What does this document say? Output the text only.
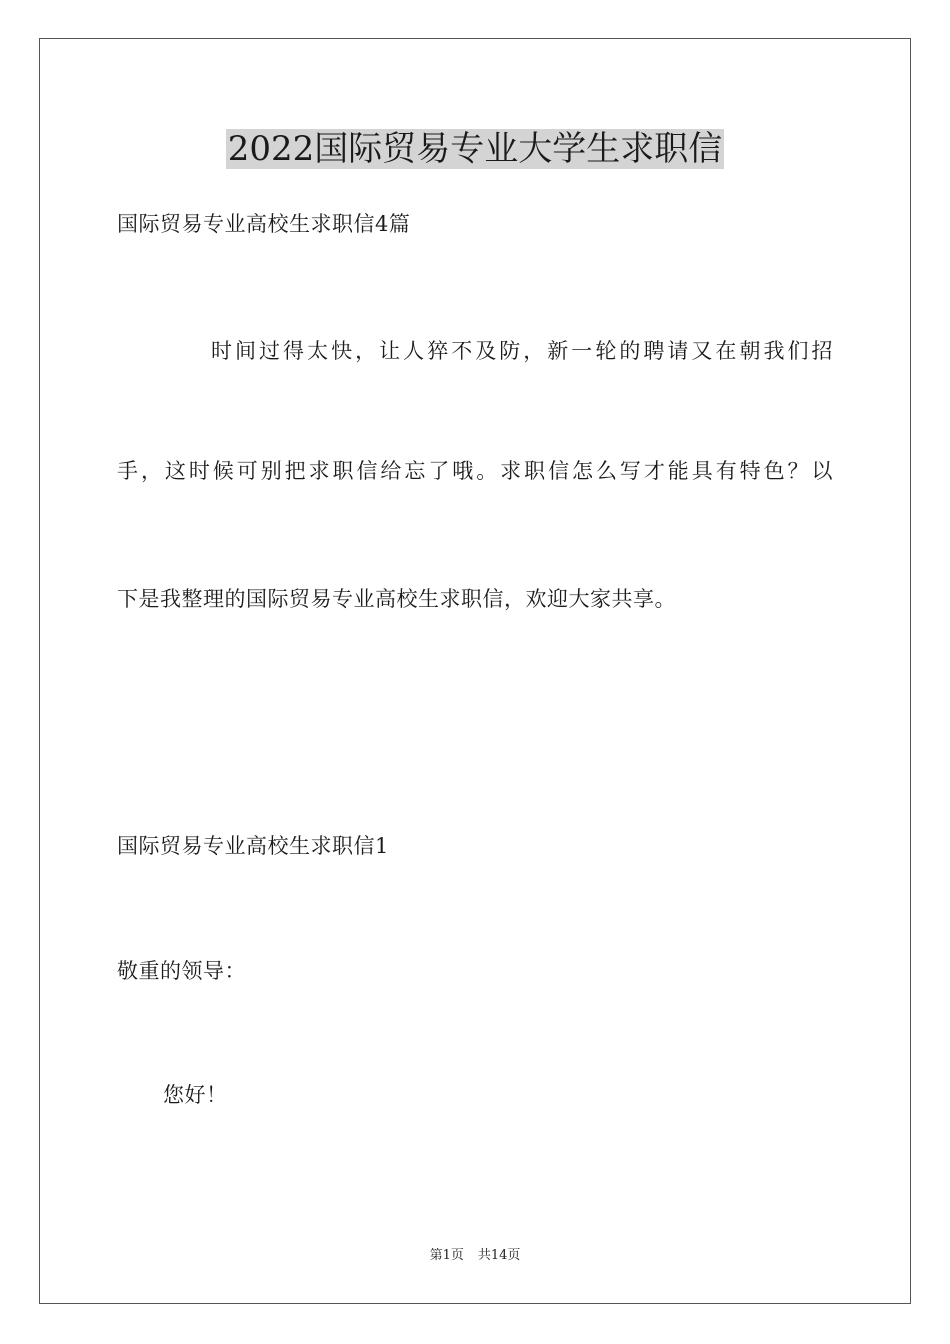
2022国际贸易专业大学生求职信
国际贸易专业高校生求职信4篇
时间过得太快，让人猝不及防，新一轮的聘请又在朝我们招
手，这时候可别把求职信给忘了哦。求职信怎么写才能具有特色？以
下是我整理的国际贸易专业高校生求职信，欢迎大家共享。
国际贸易专业高校生求职信1
敬重的领导：
您好！
第1页 共14页
